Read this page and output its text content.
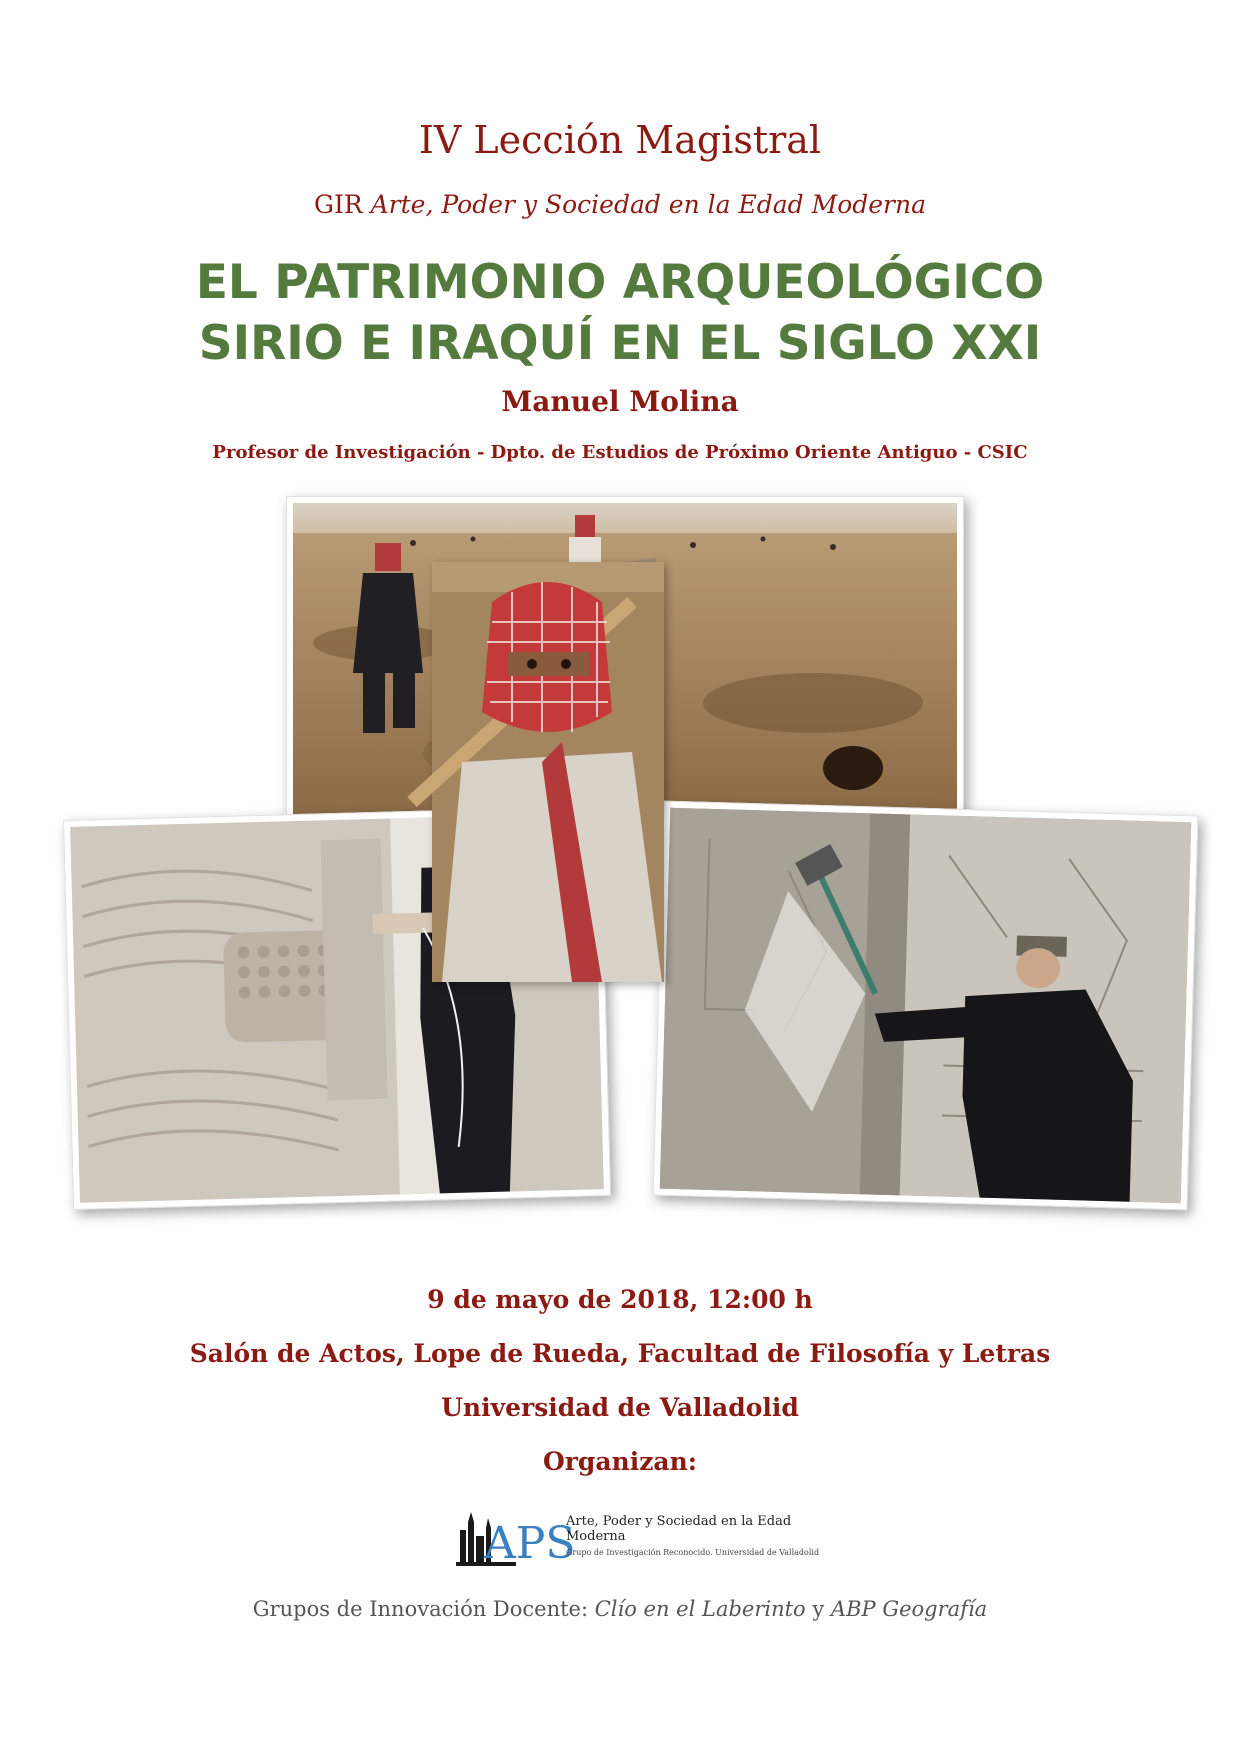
IV Lección Magistral
GIR Arte, Poder y Sociedad en la Edad Moderna
EL PATRIMONIO ARQUEOLÓGICO
SIRIO E IRAQUÍ EN EL SIGLO XXI
Manuel Molina
Profesor de Investigación - Dpto. de Estudios de Próximo Oriente Antiguo - CSIC
9 de mayo de 2018, 12:00 h
Salón de Actos, Lope de Rueda, Facultad de Filosofía y Letras
Universidad de Valladolid
Organizan:
APS
Arte, Poder y Sociedad en la Edad Moderna
Grupo de Investigación Reconocido. Universidad de Valladolid
Grupos de Innovación Docente: Clío en el Laberinto y ABP Geografía
